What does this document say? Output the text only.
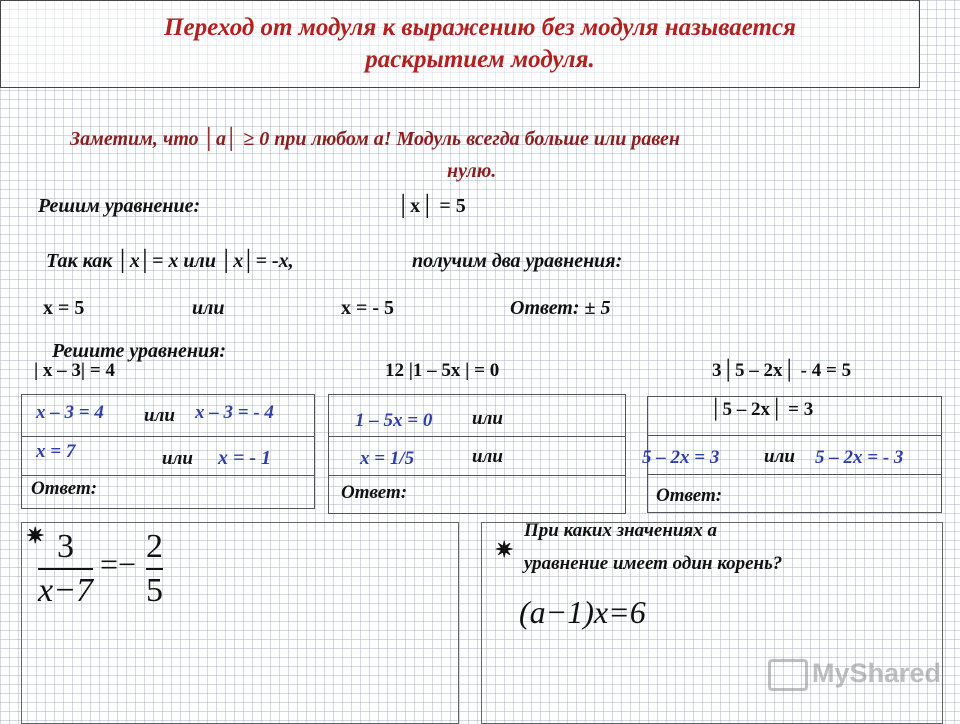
Переход от модуля к выражению без модуля называется
раскрытием модуля.
Заметим, что │а│ ≥ 0 при любом а! Модуль всегда больше или равен
нулю.
Решим уравнение:	│х│ = 5
Так как │х│= х или │х│= -х,	получим два уравнения:
х = 5	или	х = - 5	Ответ: ± 5
Решите уравнения:
| х – 3| = 4	12 |1 – 5х | = 0	3│5 – 2х│ - 4 = 5
х – 3 = 4 или х – 3 = - 4
х = 7	или х = - 1
Ответ:
1 – 5х = 0 или
х = 1/5	или
Ответ:
│5 – 2х│ = 3
5 – 2х = 3 или 5 – 2х = - 3
Ответ:
✷ 3
x−7
=− 2
5
✷
При каких значениях а
уравнение имеет один корень?
(a−1)x=6
MyShared
